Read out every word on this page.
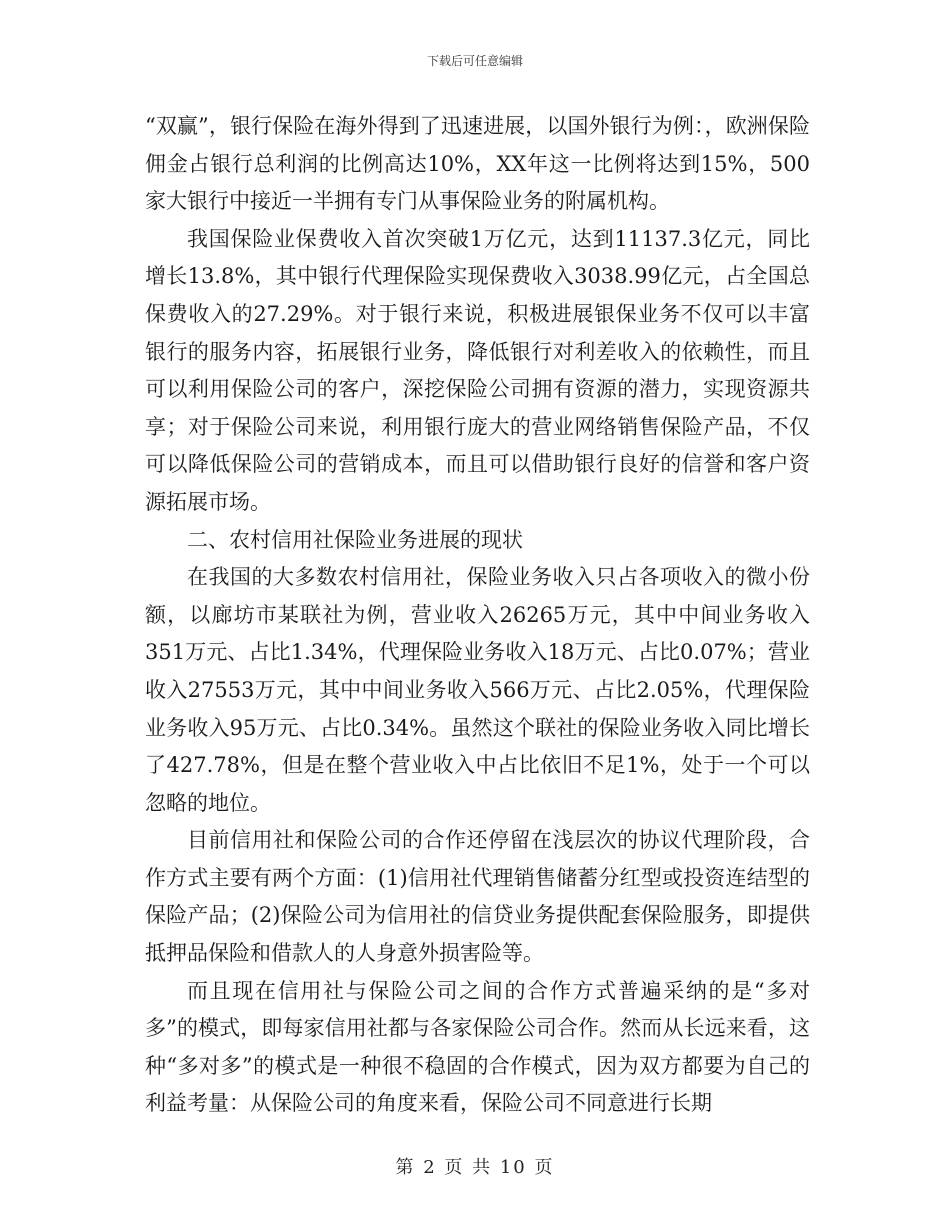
下载后可任意编辑

“双赢”，银行保险在海外得到了迅速进展，以国外银行为例：，欧洲保险佣金占银行总利润的比例高达10%，XX年这一比例将达到15%，500家大银行中接近一半拥有专门从事保险业务的附属机构。

我国保险业保费收入首次突破1万亿元，达到11137.3亿元，同比增长13.8%，其中银行代理保险实现保费收入3038.99亿元，占全国总保费收入的27.29%。对于银行来说，积极进展银保业务不仅可以丰富银行的服务内容，拓展银行业务，降低银行对利差收入的依赖性，而且可以利用保险公司的客户，深挖保险公司拥有资源的潜力，实现资源共享；对于保险公司来说，利用银行庞大的营业网络销售保险产品，不仅可以降低保险公司的营销成本，而且可以借助银行良好的信誉和客户资源拓展市场。

二、农村信用社保险业务进展的现状

在我国的大多数农村信用社，保险业务收入只占各项收入的微小份额，以廊坊市某联社为例，营业收入26265万元，其中中间业务收入351万元、占比1.34%，代理保险业务收入18万元、占比0.07%；营业收入27553万元，其中中间业务收入566万元、占比2.05%，代理保险业务收入95万元、占比0.34%。虽然这个联社的保险业务收入同比增长了427.78%，但是在整个营业收入中占比依旧不足1%，处于一个可以忽略的地位。

目前信用社和保险公司的合作还停留在浅层次的协议代理阶段，合作方式主要有两个方面：(1)信用社代理销售储蓄分红型或投资连结型的保险产品；(2)保险公司为信用社的信贷业务提供配套保险服务，即提供抵押品保险和借款人的人身意外损害险等。

而且现在信用社与保险公司之间的合作方式普遍采纳的是“多对多”的模式，即每家信用社都与各家保险公司合作。然而从长远来看，这种“多对多”的模式是一种很不稳固的合作模式，因为双方都要为自己的利益考量：从保险公司的角度来看，保险公司不同意进行长期

第 2 页 共 10 页
